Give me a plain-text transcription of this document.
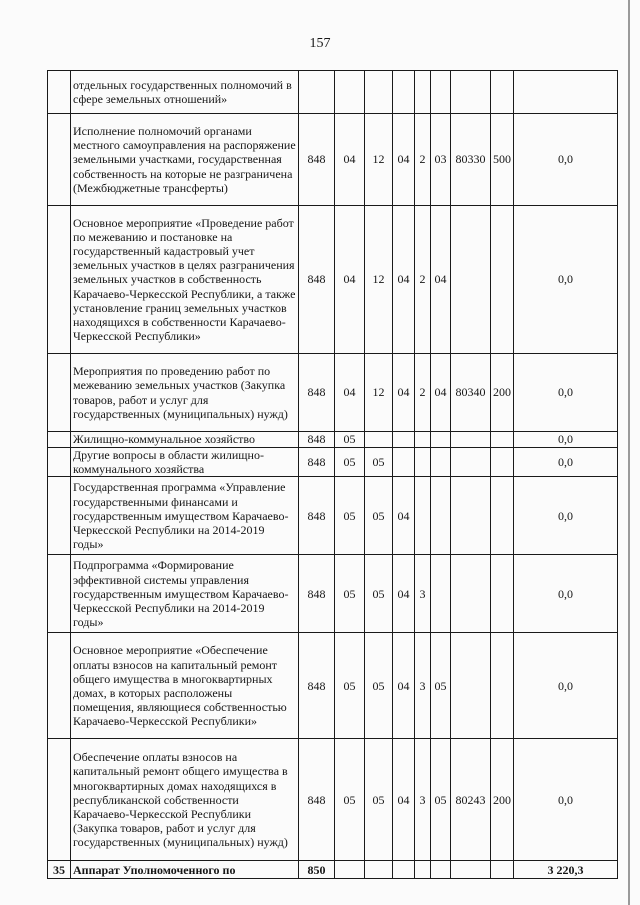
157
	отдельных государственных полномочий в сфере земельных отношений»									
	Исполнение полномочий органами местного самоуправления на распоряжение земельными участками, государственная собственность на которые не разграничена (Межбюджетные трансферты)	848	04	12	04	2	03	80330	500	0,0
	Основное мероприятие «Проведение работ по межеванию и постановке на государственный кадастровый учет земельных участков в целях разграничения земельных участков в собственность Карачаево-Черкесской Республики, а также установление границ земельных участков находящихся в собственности Карачаево-Черкесской Республики»	848	04	12	04	2	04			0,0
	Мероприятия по проведению работ по межеванию земельных участков (Закупка товаров, работ и услуг для государственных (муниципальных) нужд)	848	04	12	04	2	04	80340	200	0,0
	Жилищно-коммунальное хозяйство	848	05							0,0
	Другие вопросы в области жилищно-коммунального хозяйства	848	05	05						0,0
	Государственная программа «Управление государственными финансами и государственным имуществом Карачаево-Черкесской Республики на 2014-2019 годы»	848	05	05	04					0,0
	Подпрограмма «Формирование эффективной системы управления государственным имуществом Карачаево-Черкесской Республики на 2014-2019 годы»	848	05	05	04	3				0,0
	Основное мероприятие «Обеспечение оплаты взносов на капитальный ремонт общего имущества в многоквартирных домах, в которых расположены помещения, являющиеся собственностью Карачаево-Черкесской Республики»	848	05	05	04	3	05			0,0
	Обеспечение оплаты взносов на капитальный ремонт общего имущества в многоквартирных домах находящихся в республиканской собственности Карачаево-Черкесской Республики (Закупка товаров, работ и услуг для государственных (муниципальных) нужд)	848	05	05	04	3	05	80243	200	0,0
35	Аппарат Уполномоченного по	850								3 220,3
